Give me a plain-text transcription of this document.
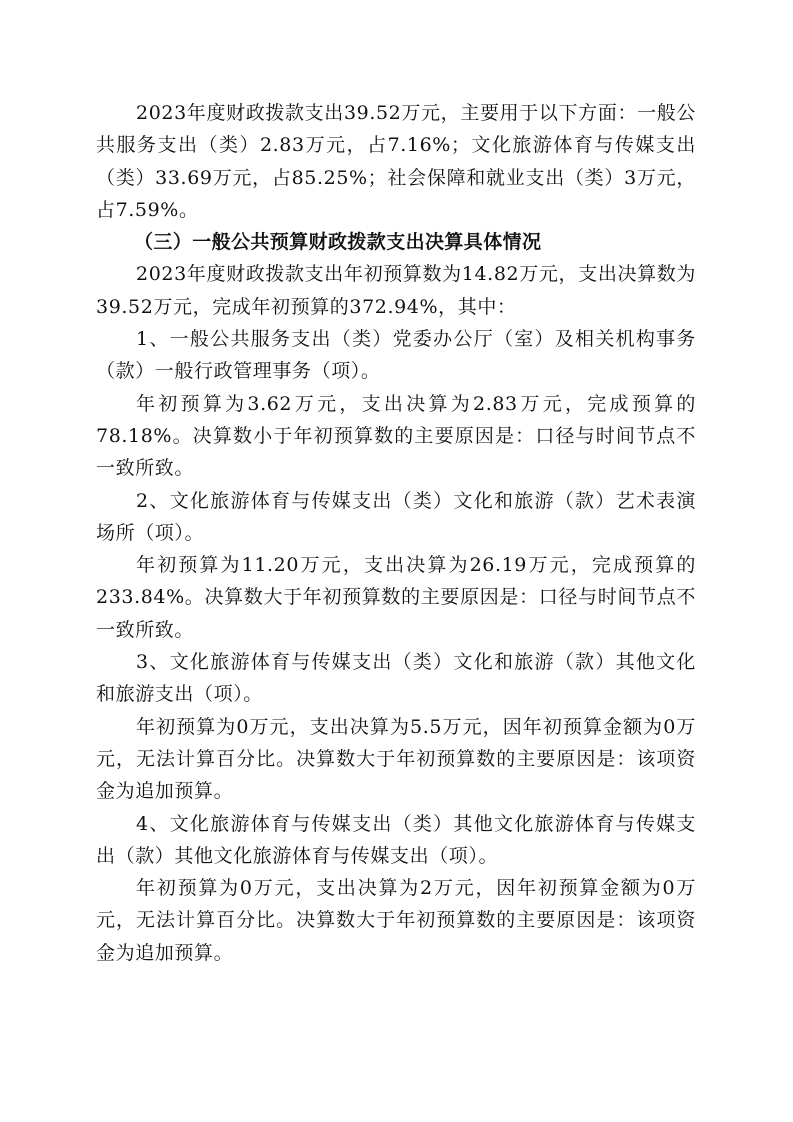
2023年度财政拨款支出39.52万元，主要用于以下方面：一般公共服务支出（类）2.83万元，占7.16%；文化旅游体育与传媒支出（类）33.69万元，占85.25%；社会保障和就业支出（类）3万元，占7.59%。

（三）一般公共预算财政拨款支出决算具体情况

2023年度财政拨款支出年初预算数为14.82万元，支出决算数为39.52万元，完成年初预算的372.94%，其中：

1、一般公共服务支出（类）党委办公厅（室）及相关机构事务（款）一般行政管理事务（项）。

年初预算为3.62万元，支出决算为2.83万元，完成预算的78.18%。决算数小于年初预算数的主要原因是：口径与时间节点不一致所致。

2、文化旅游体育与传媒支出（类）文化和旅游（款）艺术表演场所（项）。

年初预算为11.20万元，支出决算为26.19万元，完成预算的233.84%。决算数大于年初预算数的主要原因是：口径与时间节点不一致所致。

3、文化旅游体育与传媒支出（类）文化和旅游（款）其他文化和旅游支出（项）。

年初预算为0万元，支出决算为5.5万元，因年初预算金额为0万元，无法计算百分比。决算数大于年初预算数的主要原因是：该项资金为追加预算。

4、文化旅游体育与传媒支出（类）其他文化旅游体育与传媒支出（款）其他文化旅游体育与传媒支出（项）。

年初预算为0万元，支出决算为2万元，因年初预算金额为0万元，无法计算百分比。决算数大于年初预算数的主要原因是：该项资金为追加预算。
